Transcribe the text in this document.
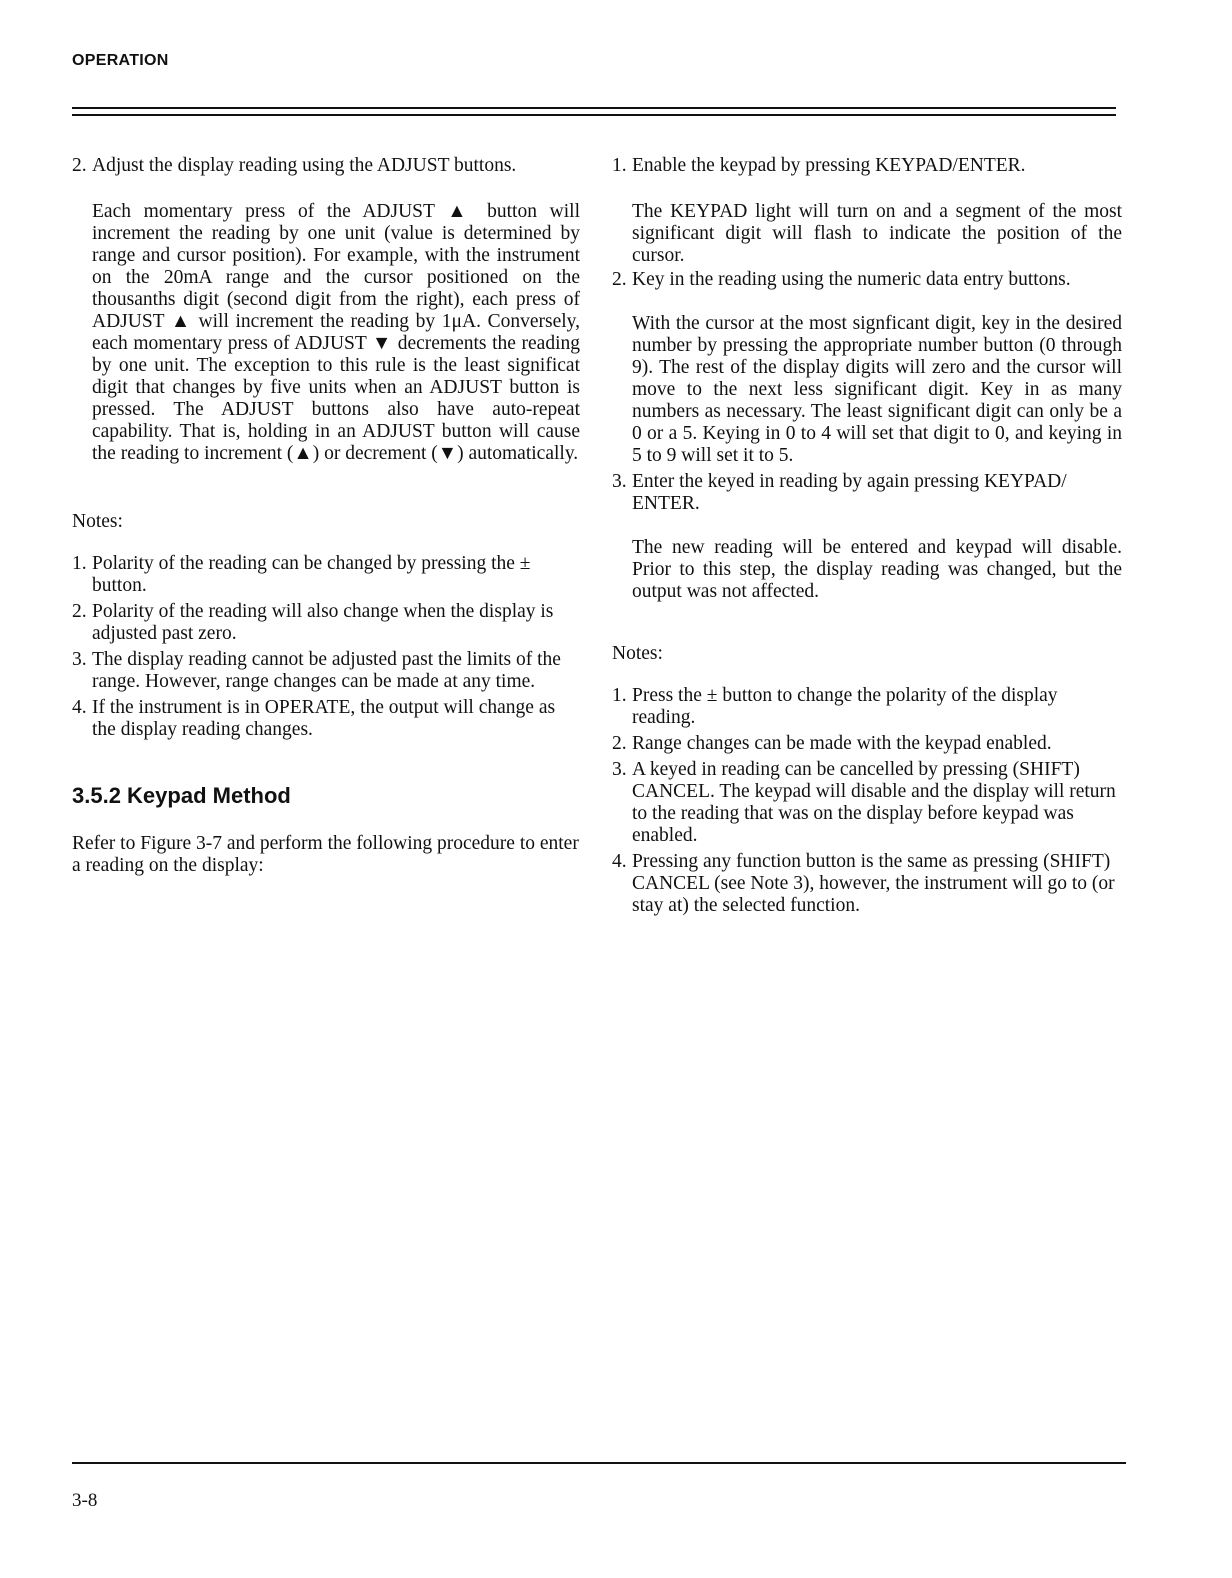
OPERATION
2. Adjust the display reading using the ADJUST buttons.

Each momentary press of the ADJUST ▲ button will increment the reading by one unit (value is determined by range and cursor position). For example, with the instrument on the 20mA range and the cursor positioned on the thousanths digit (second digit from the right), each press of ADJUST ▲ will increment the reading by 1μA. Conversely, each momentary press of ADJUST ▼ decrements the reading by one unit. The exception to this rule is the least significat digit that changes by five units when an ADJUST button is pressed. The ADJUST buttons also have auto-repeat capability. That is, holding in an ADJUST button will cause the reading to increment (▲) or decrement (▼) automatically.

Notes:

1. Polarity of the reading can be changed by pressing the ± button.
2. Polarity of the reading will also change when the display is adjusted past zero.
3. The display reading cannot be adjusted past the limits of the range. However, range changes can be made at any time.
4. If the instrument is in OPERATE, the output will change as the display reading changes.
3.5.2 Keypad Method

Refer to Figure 3-7 and perform the following procedure to enter a reading on the display:

1. Enable the keypad by pressing KEYPAD/ENTER.

The KEYPAD light will turn on and a segment of the most significant digit will flash to indicate the position of the cursor.

2. Key in the reading using the numeric data entry buttons.

With the cursor at the most signficant digit, key in the desired number by pressing the appropriate number button (0 through 9). The rest of the display digits will zero and the cursor will move to the next less significant digit. Key in as many numbers as necessary. The least significant digit can only be a 0 or a 5. Keying in 0 to 4 will set that digit to 0, and keying in 5 to 9 will set it to 5.

3. Enter the keyed in reading by again pressing KEYPAD/ ENTER.

The new reading will be entered and keypad will disable. Prior to this step, the display reading was changed, but the output was not affected.

Notes:

1. Press the ± button to change the polarity of the display reading.
2. Range changes can be made with the keypad enabled.
3. A keyed in reading can be cancelled by pressing (SHIFT) CANCEL. The keypad will disable and the display will return to the reading that was on the display before keypad was enabled.
4. Pressing any function button is the same as pressing (SHIFT) CANCEL (see Note 3), however, the instrument will go to (or stay at) the selected function.
3-8
